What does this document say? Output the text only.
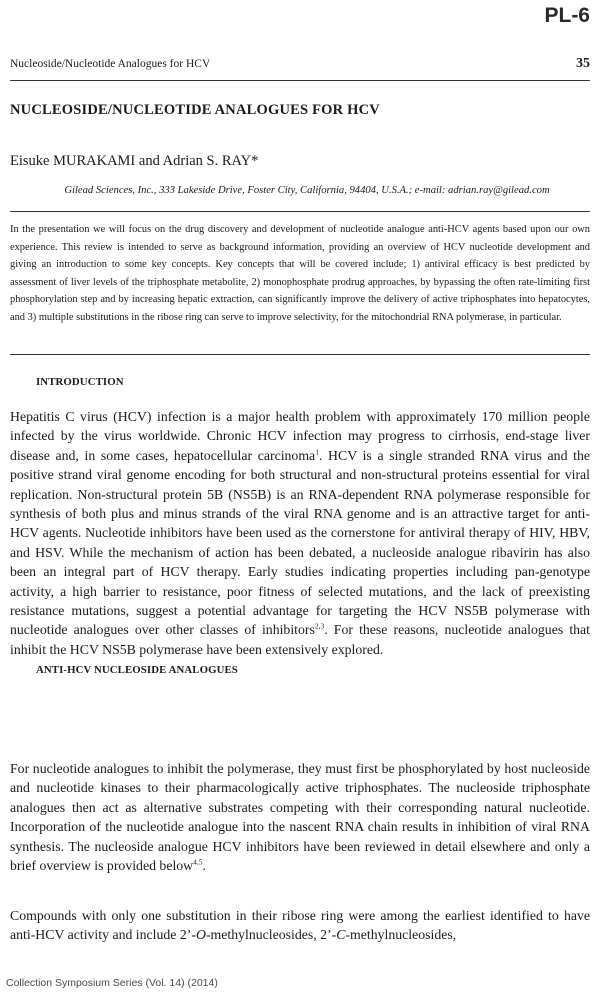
PL-6
Nucleoside/Nucleotide Analogues for HCV	35
NUCLEOSIDE/NUCLEOTIDE ANALOGUES FOR HCV
Eisuke MURAKAMI and Adrian S. RAY*
Gilead Sciences, Inc., 333 Lakeside Drive, Foster City, California, 94404, U.S.A.; e-mail: adrian.ray@gilead.com
In the presentation we will focus on the drug discovery and development of nucleotide analogue anti-HCV agents based upon our own experience. This review is intended to serve as background information, providing an overview of HCV nucleotide development and giving an introduction to some key concepts. Key concepts that will be covered include; 1) antiviral efficacy is best predicted by assessment of liver levels of the triphosphate metabolite, 2) monophosphate prodrug approaches, by bypassing the often rate-limiting first phosphorylation step and by increasing hepatic extraction, can significantly improve the delivery of active triphosphates into hepatocytes, and 3) multiple substitutions in the ribose ring can serve to improve selectivity, for the mitochondrial RNA polymerase, in particular.
INTRODUCTION

Hepatitis C virus (HCV) infection is a major health problem with approximately 170 million people infected by the virus worldwide. Chronic HCV infection may progress to cirrhosis, end-stage liver disease and, in some cases, hepatocellular carcinoma$^1$. HCV is a single stranded RNA virus and the positive strand viral genome encoding for both structural and non-structural proteins essential for viral replication. Non-structural protein 5B (NS5B) is an RNA-dependent RNA polymerase responsible for synthesis of both plus and minus strands of the viral RNA genome and is an attractive target for anti-HCV agents. Nucleotide inhibitors have been used as the cornerstone for antiviral therapy of HIV, HBV, and HSV. While the mechanism of action has been debated, a nucleoside analogue ribavirin has also been an integral part of HCV therapy. Early studies indicating properties including pan-genotype activity, a high barrier to resistance, poor fitness of selected mutations, and the lack of preexisting resistance mutations, suggest a potential advantage for targeting the HCV NS5B polymerase with nucleotide analogues over other classes of inhibitors$^{2,3}$. For these reasons, nucleotide analogues that inhibit the HCV NS5B polymerase have been extensively explored.

ANTI-HCV NUCLEOSIDE ANALOGUES

For nucleotide analogues to inhibit the polymerase, they must first be phosphorylated by host nucleoside and nucleotide kinases to their pharmacologically active triphosphates. The nucleoside triphosphate analogues then act as alternative substrates competing with their corresponding natural nucleotide. Incorporation of the nucleotide analogue into the nascent RNA chain results in inhibition of viral RNA synthesis. The nucleoside analogue HCV inhibitors have been reviewed in detail elsewhere and only a brief overview is provided below$^{4,5}$.

Compounds with only one substitution in their ribose ring were among the earliest identified to have anti-HCV activity and include 2’-O-methylnucleosides, 2’-C-methylnucleosides,

Collection Symposium Series (Vol. 14) (2014)
